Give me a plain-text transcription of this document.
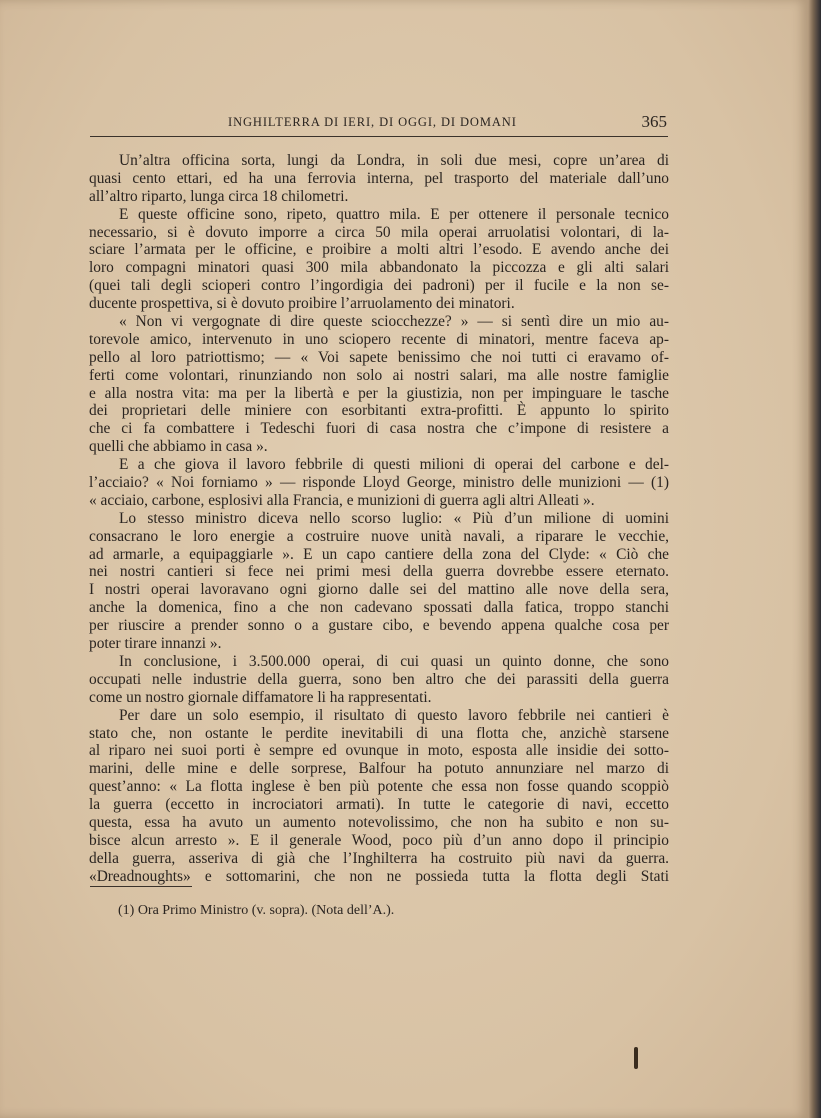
INGHILTERRA DI IERI, DI OGGI, DI DOMANI	365
Un’altra officina sorta, lungi da Londra, in soli due mesi, copre un’area di
quasi cento ettari, ed ha una ferrovia interna, pel trasporto del materiale dall’uno
all’altro riparto, lunga circa 18 chilometri.
E queste officine sono, ripeto, quattro mila. E per ottenere il personale tecnico
necessario, si è dovuto imporre a circa 50 mila operai arruolatisi volontari, di la-
sciare l’armata per le officine, e proibire a molti altri l’esodo. E avendo anche dei
loro compagni minatori quasi 300 mila abbandonato la piccozza e gli alti salari
(quei tali degli scioperi contro l’ingordigia dei padroni) per il fucile e la non se-
ducente prospettiva, si è dovuto proibire l’arruolamento dei minatori.
« Non vi vergognate di dire queste sciocchezze? » — si sentì dire un mio au-
torevole amico, intervenuto in uno sciopero recente di minatori, mentre faceva ap-
pello al loro patriottismo; — « Voi sapete benissimo che noi tutti ci eravamo of-
ferti come volontari, rinunziando non solo ai nostri salari, ma alle nostre famiglie
e alla nostra vita: ma per la libertà e per la giustizia, non per impinguare le tasche
dei proprietari delle miniere con esorbitanti extra-profitti. È appunto lo spirito
che ci fa combattere i Tedeschi fuori di casa nostra che c’impone di resistere a
quelli che abbiamo in casa ».
E a che giova il lavoro febbrile di questi milioni di operai del carbone e del-
l’acciaio? « Noi forniamo » — risponde Lloyd George, ministro delle munizioni — (1)
« acciaio, carbone, esplosivi alla Francia, e munizioni di guerra agli altri Alleati ».
Lo stesso ministro diceva nello scorso luglio: « Più d’un milione di uomini
consacrano le loro energie a costruire nuove unità navali, a riparare le vecchie,
ad armarle, a equipaggiarle ». E un capo cantiere della zona del Clyde: « Ciò che
nei nostri cantieri si fece nei primi mesi della guerra dovrebbe essere eternato.
I nostri operai lavoravano ogni giorno dalle sei del mattino alle nove della sera,
anche la domenica, fino a che non cadevano spossati dalla fatica, troppo stanchi
per riuscire a prender sonno o a gustare cibo, e bevendo appena qualche cosa per
poter tirare innanzi ».
In conclusione, i 3.500.000 operai, di cui quasi un quinto donne, che sono
occupati nelle industrie della guerra, sono ben altro che dei parassiti della guerra
come un nostro giornale diffamatore li ha rappresentati.
Per dare un solo esempio, il risultato di questo lavoro febbrile nei cantieri è
stato che, non ostante le perdite inevitabili di una flotta che, anzichè starsene
al riparo nei suoi porti è sempre ed ovunque in moto, esposta alle insidie dei sotto-
marini, delle mine e delle sorprese, Balfour ha potuto annunziare nel marzo di
quest’anno: « La flotta inglese è ben più potente che essa non fosse quando scoppiò
la guerra (eccetto in incrociatori armati). In tutte le categorie di navi, eccetto
questa, essa ha avuto un aumento notevolissimo, che non ha subito e non su-
bisce alcun arresto ». E il generale Wood, poco più d’un anno dopo il principio
della guerra, asseriva di già che l’Inghilterra ha costruito più navi da guerra.
«Dreadnoughts» e sottomarini, che non ne possieda tutta la flotta degli Stati
(1) Ora Primo Ministro (v. sopra). (Nota dell’A.).
